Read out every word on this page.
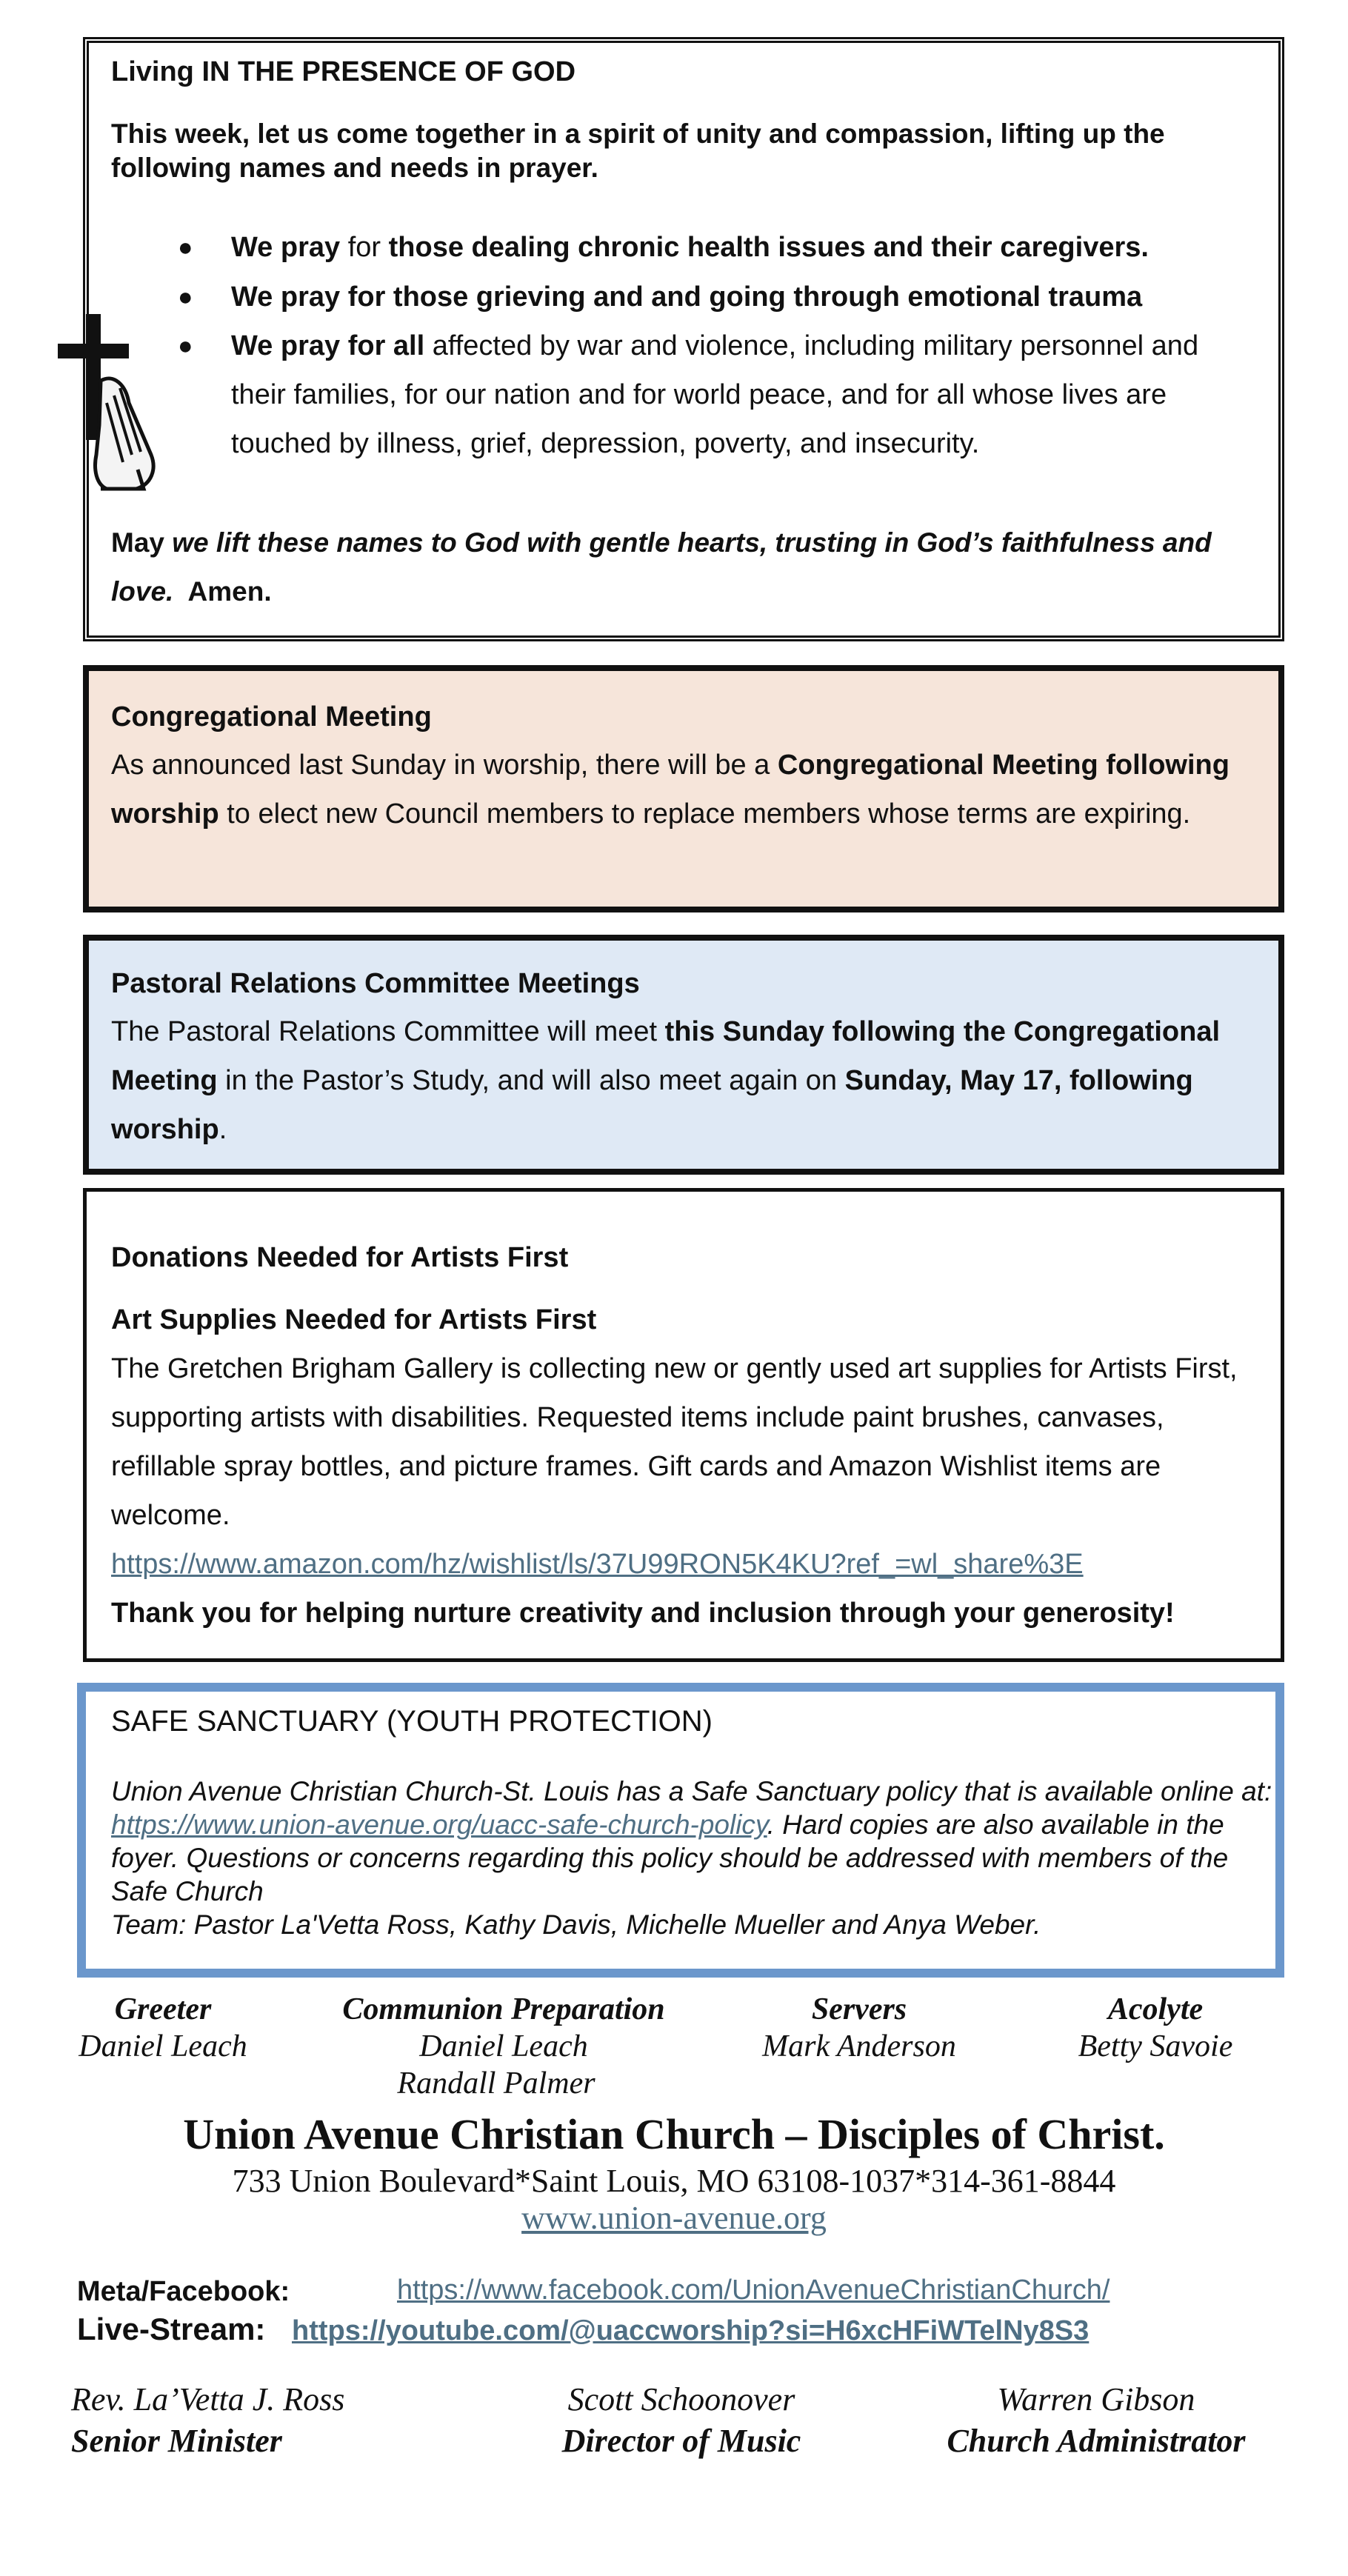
Living IN THE PRESENCE OF GOD
This week, let us come together in a spirit of unity and compassion, lifting up the following names and needs in prayer.
● We pray for those dealing chronic health issues and their caregivers.
● We pray for those grieving and and going through emotional trauma
● We pray for all affected by war and violence, including military personnel and their families, for our nation and for world peace, and for all whose lives are touched by illness, grief, depression, poverty, and insecurity.
May we lift these names to God with gentle hearts, trusting in God’s faithfulness and love. Amen.
Congregational Meeting
As announced last Sunday in worship, there will be a Congregational Meeting following worship to elect new Council members to replace members whose terms are expiring.
Pastoral Relations Committee Meetings
The Pastoral Relations Committee will meet this Sunday following the Congregational Meeting in the Pastor’s Study, and will also meet again on Sunday, May 17, following worship.
Donations Needed for Artists First
Art Supplies Needed for Artists First
The Gretchen Brigham Gallery is collecting new or gently used art supplies for Artists First, supporting artists with disabilities. Requested items include paint brushes, canvases, refillable spray bottles, and picture frames. Gift cards and Amazon Wishlist items are welcome.
https://www.amazon.com/hz/wishlist/ls/37U99RON5K4KU?ref_=wl_share%3E
Thank you for helping nurture creativity and inclusion through your generosity!
SAFE SANCTUARY (YOUTH PROTECTION)
Union Avenue Christian Church-St. Louis has a Safe Sanctuary policy that is available online at: https://www.union-avenue.org/uacc-safe-church-policy. Hard copies are also available in the foyer. Questions or concerns regarding this policy should be addressed with members of the Safe Church
Team: Pastor La'Vetta Ross, Kathy Davis, Michelle Mueller and Anya Weber.
Greeter
Daniel Leach
Communion Preparation
Daniel Leach
Randall Palmer
Servers
Mark Anderson
Acolyte
Betty Savoie
Union Avenue Christian Church – Disciples of Christ.
733 Union Boulevard*Saint Louis, MO 63108-1037*314-361-8844
www.union-avenue.org
Meta/Facebook:	https://www.facebook.com/UnionAvenueChristianChurch/
Live-Stream: https://youtube.com/@uaccworship?si=H6xcHFiWTelNy8S3
Rev. La’Vetta J. Ross
Senior Minister
Scott Schoonover
Director of Music
Warren Gibson
Church Administrator
